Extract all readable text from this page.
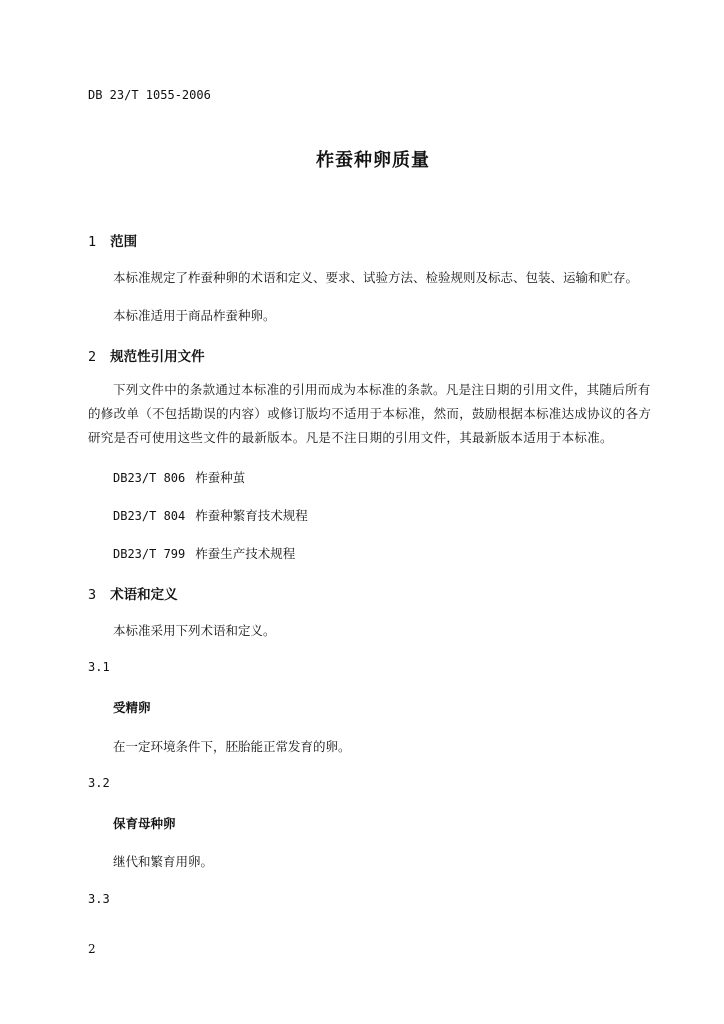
DB 23/T 1055-2006
柞蚕种卵质量
1 范围
本标准规定了柞蚕种卵的术语和定义、要求、试验方法、检验规则及标志、包装、运输和贮存。
本标准适用于商品柞蚕种卵。
2 规范性引用文件
下列文件中的条款通过本标准的引用而成为本标准的条款。凡是注日期的引用文件，其随后所有的修改单（不包括勘误的内容）或修订版均不适用于本标准，然而，鼓励根据本标准达成协议的各方研究是否可使用这些文件的最新版本。凡是不注日期的引用文件，其最新版本适用于本标准。
DB23/T 806 柞蚕种茧
DB23/T 804 柞蚕种繁育技术规程
DB23/T 799 柞蚕生产技术规程
3 术语和定义
本标准采用下列术语和定义。
3.1
受精卵
在一定环境条件下，胚胎能正常发育的卵。
3.2
保育母种卵
继代和繁育用卵。
3.3
2
